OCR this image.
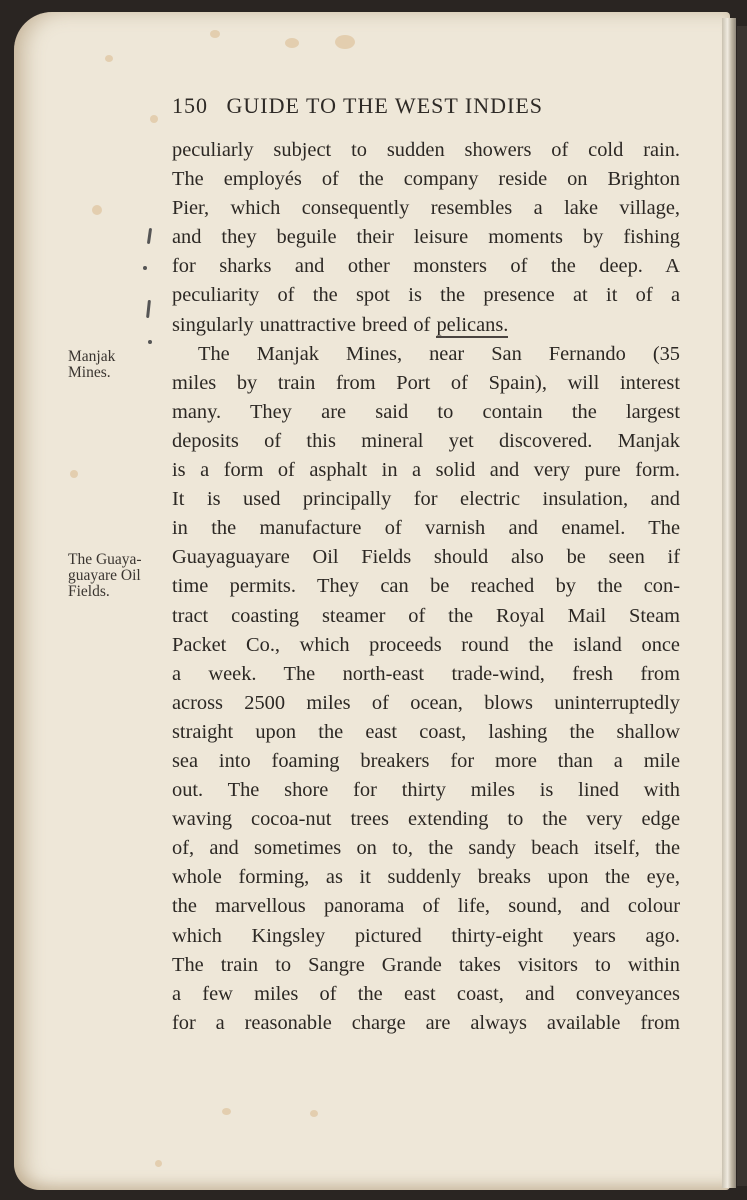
150 GUIDE TO THE WEST INDIES
Manjak
Mines.
The Guaya-
guayare Oil
Fields.
peculiarly subject to sudden showers of cold rain.
The employés of the company reside on Brighton
Pier, which consequently resembles a lake village,
and they beguile their leisure moments by fishing
for sharks and other monsters of the deep. A
peculiarity of the spot is the presence at it of a
singularly unattractive breed of pelicans.
The Manjak Mines, near San Fernando (35
miles by train from Port of Spain), will interest
many. They are said to contain the largest
deposits of this mineral yet discovered. Manjak
is a form of asphalt in a solid and very pure form.
It is used principally for electric insulation, and
in the manufacture of varnish and enamel. The
Guayaguayare Oil Fields should also be seen if
time permits. They can be reached by the con-
tract coasting steamer of the Royal Mail Steam
Packet Co., which proceeds round the island once
a week. The north-east trade-wind, fresh from
across 2500 miles of ocean, blows uninterruptedly
straight upon the east coast, lashing the shallow
sea into foaming breakers for more than a mile
out. The shore for thirty miles is lined with
waving cocoa-nut trees extending to the very edge
of, and sometimes on to, the sandy beach itself, the
whole forming, as it suddenly breaks upon the eye,
the marvellous panorama of life, sound, and colour
which Kingsley pictured thirty-eight years ago.
The train to Sangre Grande takes visitors to within
a few miles of the east coast, and conveyances
for a reasonable charge are always available from
